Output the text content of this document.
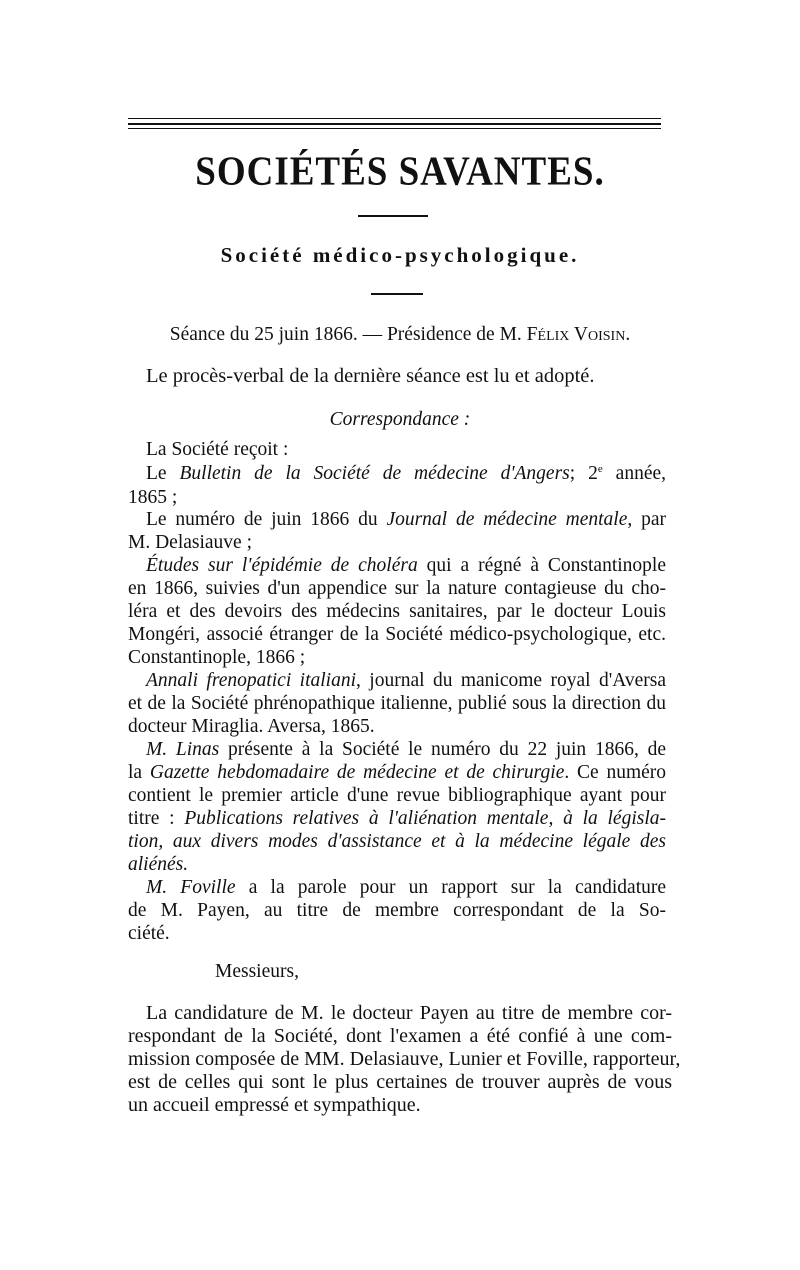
SOCIÉTÉS SAVANTES.
Société médico-psychologique.
Séance du 25 juin 1866. — Présidence de M. Félix Voisin.
Le procès-verbal de la dernière séance est lu et adopté.
Correspondance :
La Société reçoit :
Le Bulletin de la Société de médecine d'Angers; 2e année,
1865 ;
Le numéro de juin 1866 du Journal de médecine mentale, par
M. Delasiauve ;
Études sur l'épidémie de choléra qui a régné à Constantinople
en 1866, suivies d'un appendice sur la nature contagieuse du cho-
léra et des devoirs des médecins sanitaires, par le docteur Louis
Mongéri, associé étranger de la Société médico-psychologique, etc.
Constantinople, 1866 ;
Annali frenopatici italiani, journal du manicome royal d'Aversa
et de la Société phrénopathique italienne, publié sous la direction du
docteur Miraglia. Aversa, 1865.
M. Linas présente à la Société le numéro du 22 juin 1866, de
la Gazette hebdomadaire de médecine et de chirurgie. Ce numéro
contient le premier article d'une revue bibliographique ayant pour
titre : Publications relatives à l'aliénation mentale, à la législa-
tion, aux divers modes d'assistance et à la médecine légale des
aliénés.
M. Foville a la parole pour un rapport sur la candidature
de M. Payen, au titre de membre correspondant de la So-
ciété.
Messieurs,
La candidature de M. le docteur Payen au titre de membre cor-
respondant de la Société, dont l'examen a été confié à une com-
mission composée de MM. Delasiauve, Lunier et Foville, rapporteur,
est de celles qui sont le plus certaines de trouver auprès de vous
un accueil empressé et sympathique.
